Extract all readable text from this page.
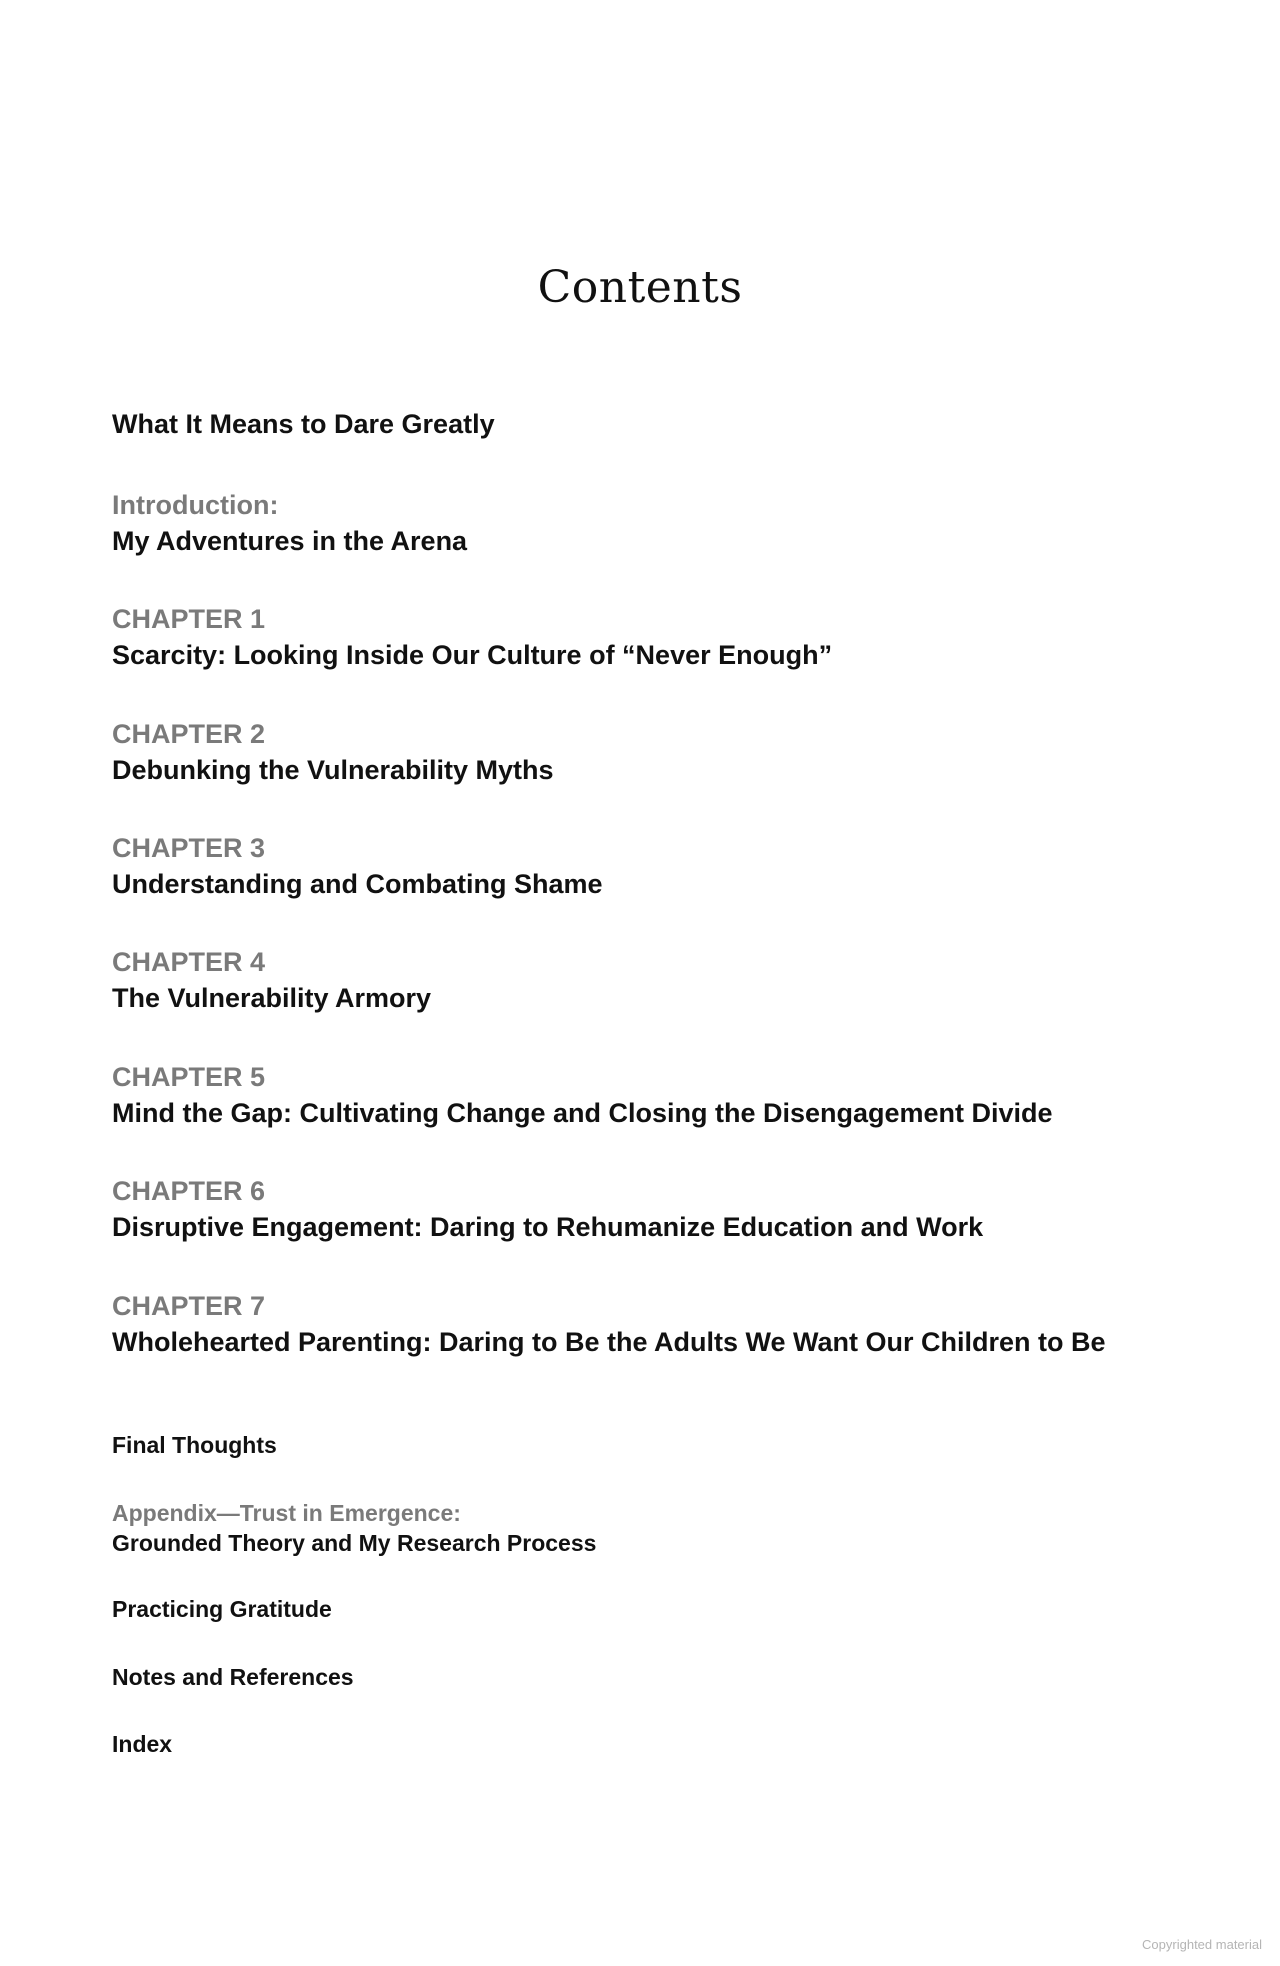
Contents
What It Means to Dare Greatly
Introduction:
My Adventures in the Arena
CHAPTER 1
Scarcity: Looking Inside Our Culture of “Never Enough”
CHAPTER 2
Debunking the Vulnerability Myths
CHAPTER 3
Understanding and Combating Shame
CHAPTER 4
The Vulnerability Armory
CHAPTER 5
Mind the Gap: Cultivating Change and Closing the Disengagement Divide
CHAPTER 6
Disruptive Engagement: Daring to Rehumanize Education and Work
CHAPTER 7
Wholehearted Parenting: Daring to Be the Adults We Want Our Children to Be
Final Thoughts
Appendix—Trust in Emergence:
Grounded Theory and My Research Process
Practicing Gratitude
Notes and References
Index
Copyrighted material
